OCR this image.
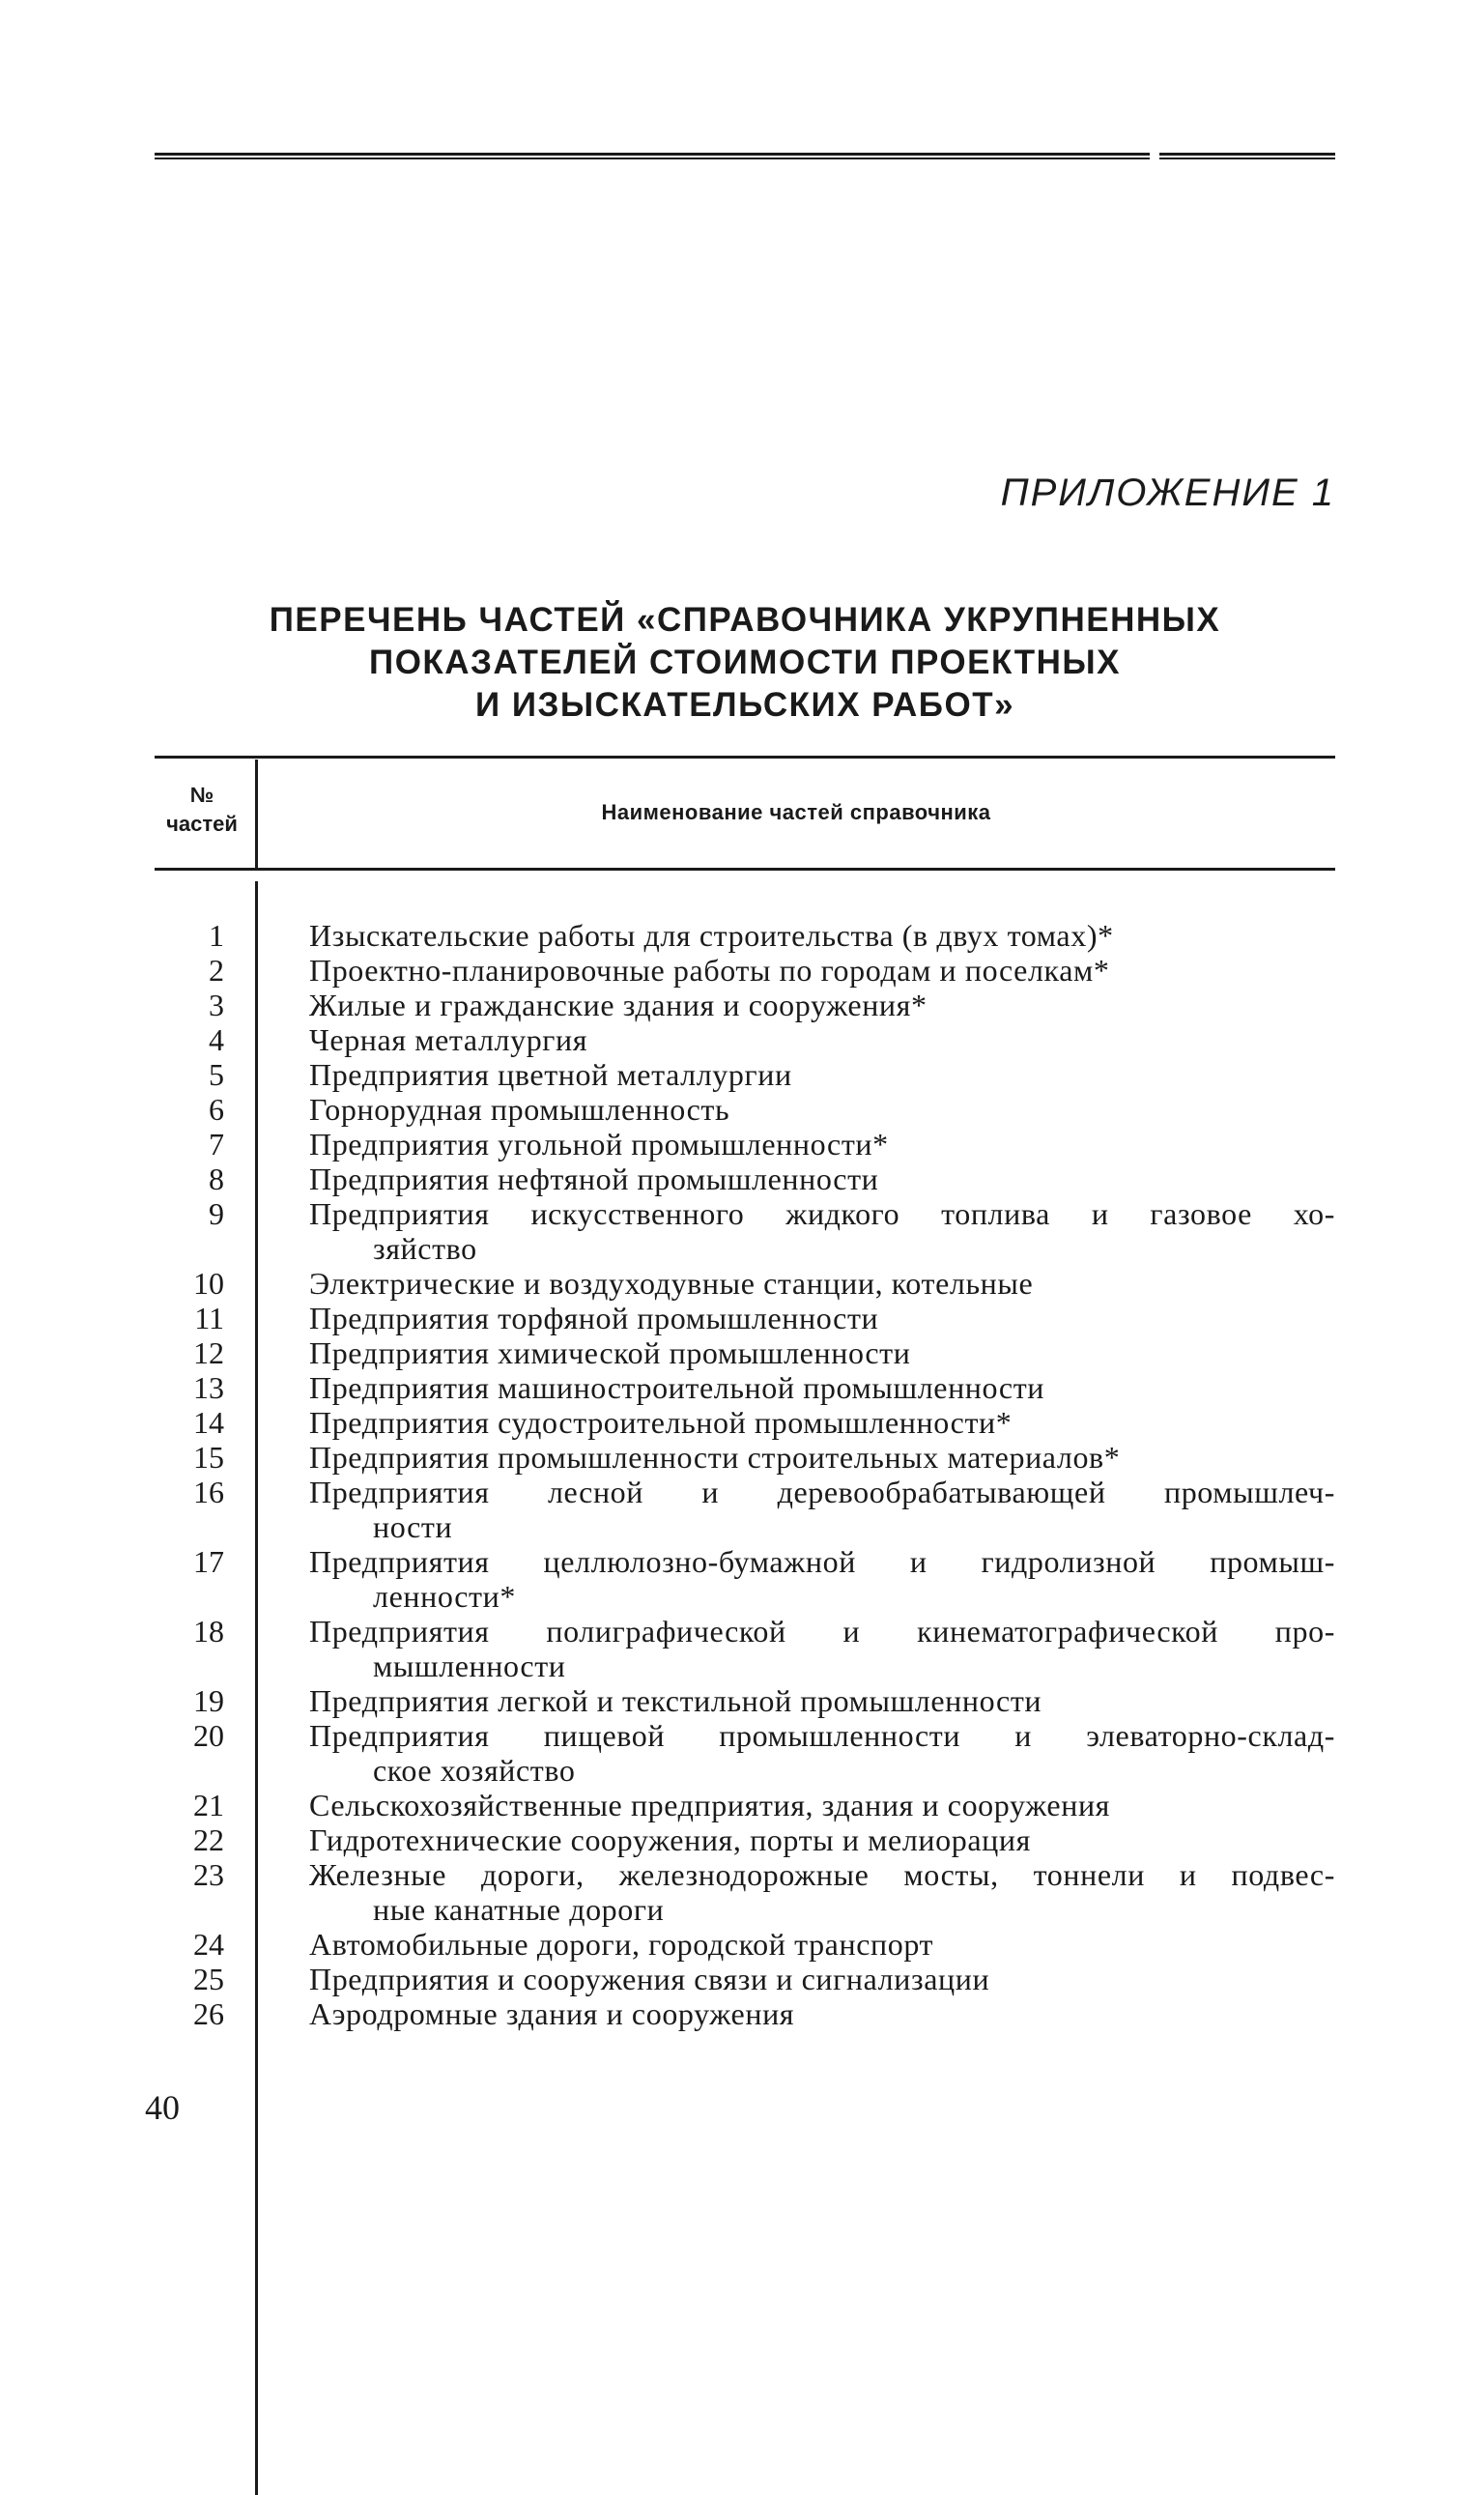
ПРИЛОЖЕНИЕ 1
ПЕРЕЧЕНЬ ЧАСТЕЙ «СПРАВОЧНИКА УКРУПНЕННЫХ
ПОКАЗАТЕЛЕЙ СТОИМОСТИ ПРОЕКТНЫХ
И ИЗЫСКАТЕЛЬСКИХ РАБОТ»
№
частей	Наименование частей справочника
1	Изыскательские работы для строительства (в двух томах)*
2	Проектно-планировочные работы по городам и поселкам*
3	Жилые и гражданские здания и сооружения*
4	Черная металлургия
5	Предприятия цветной металлургии
6	Горнорудная промышленность
7	Предприятия угольной промышленности*
8	Предприятия нефтяной промышленности
9	Предприятия искусственного жидкого топлива и газовое хо-
зяйство
10	Электрические и воздуходувные станции, котельные
11	Предприятия торфяной промышленности
12	Предприятия химической промышленности
13	Предприятия машиностроительной промышленности
14	Предприятия судостроительной промышленности*
15	Предприятия промышленности строительных материалов*
16	Предприятия лесной и деревообрабатывающей промышлеч-
ности
17	Предприятия целлюлозно-бумажной и гидролизной промыш-
ленности*
18	Предприятия полиграфической и кинематографической про-
мышленности
19	Предприятия легкой и текстильной промышленности
20	Предприятия пищевой промышленности и элеваторно-склад-
ское хозяйство
21	Сельскохозяйственные предприятия, здания и сооружения
22	Гидротехнические сооружения, порты и мелиорация
23	Железные дороги, железнодорожные мосты, тоннели и подвес-
ные канатные дороги
24	Автомобильные дороги, городской транспорт
25	Предприятия и сооружения связи и сигнализации
26	Аэродромные здания и сооружения
40
